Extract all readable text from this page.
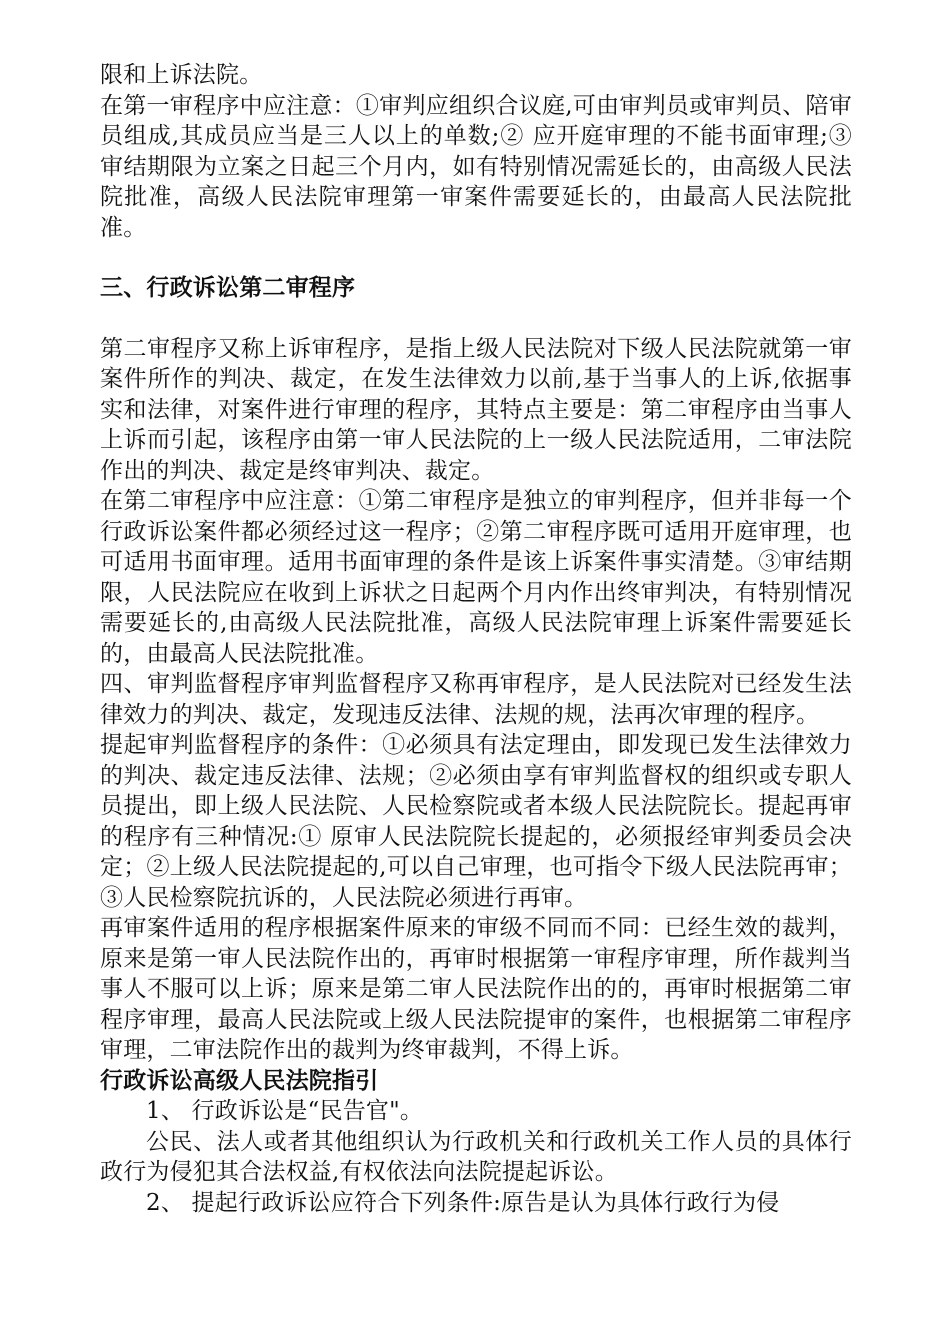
限和上诉法院。

在第一审程序中应注意：①审判应组织合议庭,可由审判员或审判员、陪审员组成,其成员应当是三人以上的单数;② 应开庭审理的不能书面审理;③ 审结期限为立案之日起三个月内，如有特别情况需延长的，由高级人民法院批准，高级人民法院审理第一审案件需要延长的，由最高人民法院批准。

三、行政诉讼第二审程序

第二审程序又称上诉审程序，是指上级人民法院对下级人民法院就第一审案件所作的判决、裁定，在发生法律效力以前,基于当事人的上诉,依据事实和法律，对案件进行审理的程序，其特点主要是：第二审程序由当事人上诉而引起，该程序由第一审人民法院的上一级人民法院适用，二审法院作出的判决、裁定是终审判决、裁定。

在第二审程序中应注意：①第二审程序是独立的审判程序，但并非每一个行政诉讼案件都必须经过这一程序；②第二审程序既可适用开庭审理，也可适用书面审理。适用书面审理的条件是该上诉案件事实清楚。③审结期限，人民法院应在收到上诉状之日起两个月内作出终审判决，有特别情况需要延长的,由高级人民法院批准，高级人民法院审理上诉案件需要延长的，由最高人民法院批准。

四、审判监督程序审判监督程序又称再审程序，是人民法院对已经发生法律效力的判决、裁定，发现违反法律、法规的规，法再次审理的程序。

提起审判监督程序的条件：①必须具有法定理由，即发现已发生法律效力的判决、裁定违反法律、法规；②必须由享有审判监督权的组织或专职人员提出，即上级人民法院、人民检察院或者本级人民法院院长。提起再审的程序有三种情况:① 原审人民法院院长提起的，必须报经审判委员会决定；②上级人民法院提起的,可以自己审理，也可指令下级人民法院再审；③人民检察院抗诉的，人民法院必须进行再审。

再审案件适用的程序根据案件原来的审级不同而不同：已经生效的裁判，原来是第一审人民法院作出的，再审时根据第一审程序审理，所作裁判当事人不服可以上诉；原来是第二审人民法院作出的的，再审时根据第二审程序审理，最高人民法院或上级人民法院提审的案件，也根据第二审程序审理，二审法院作出的裁判为终审裁判，不得上诉。

行政诉讼高级人民法院指引

1、 行政诉讼是“民告官"。

公民、法人或者其他组织认为行政机关和行政机关工作人员的具体行政行为侵犯其合法权益,有权依法向法院提起诉讼。

2、 提起行政诉讼应符合下列条件:原告是认为具体行政行为侵
